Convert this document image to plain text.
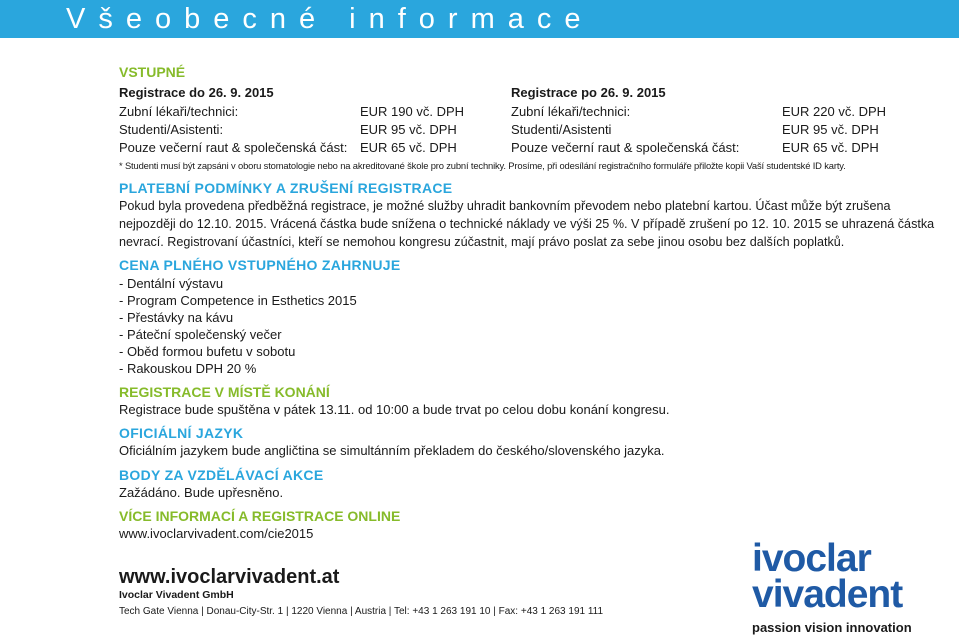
Všeobecné informace
VSTUPNÉ
Registrace do 26. 9. 2015
Zubní lékaři/technici:	EUR 190 vč. DPH
Studenti/Asistenti:	EUR 95 vč. DPH
Pouze večerní raut & společenská část: EUR 65 vč. DPH
Registrace po 26. 9. 2015
Zubní lékaři/technici:	EUR 220 vč. DPH
Studenti/Asistenti	EUR 95 vč. DPH
Pouze večerní raut & společenská část:	EUR 65 vč. DPH
* Studenti musí být zapsáni v oboru stomatologie nebo na akreditované škole pro zubní techniky. Prosíme, při odesílání registračního formuláře přiložte kopii Vaší studentské ID karty.
PLATEBNÍ PODMÍNKY A ZRUŠENÍ REGISTRACE
Pokud byla provedena předběžná registrace, je možné služby uhradit bankovním převodem nebo platební kartou. Účast může být zrušena
nejpozději do 12.10. 2015. Vrácená částka bude snížena o technické náklady ve výši 25 %. V případě zrušení po 12. 10. 2015 se uhrazená částka
nevrací. Registrovaní účastníci, kteří se nemohou kongresu zúčastnit, mají právo poslat za sebe jinou osobu bez dalších poplatků.
CENA PLNÉHO VSTUPNÉHO ZAHRNUJE
- Dentální výstavu
- Program Competence in Esthetics 2015
- Přestávky na kávu
- Páteční společenský večer
- Oběd formou bufetu v sobotu
- Rakouskou DPH 20 %
REGISTRACE V MÍSTĚ KONÁNÍ
Registrace bude spuštěna v pátek 13.11. od 10:00 a bude trvat po celou dobu konání kongresu.
OFICIÁLNÍ JAZYK
Oficiálním jazykem bude angličtina se simultánním překladem do českého/slovenského jazyka.
BODY ZA VZDĚLÁVACÍ AKCE
Zažádáno. Bude upřesněno.
VÍCE INFORMACÍ A REGISTRACE ONLINE
www.ivoclarvivadent.com/cie2015
www.ivoclarvivadent.at
Ivoclar Vivadent GmbH
Tech Gate Vienna | Donau-City-Str. 1 | 1220 Vienna | Austria | Tel: +43 1 263 191 10 | Fax: +43 1 263 191 111
ivoclar
vivadent
passion vision innovation
